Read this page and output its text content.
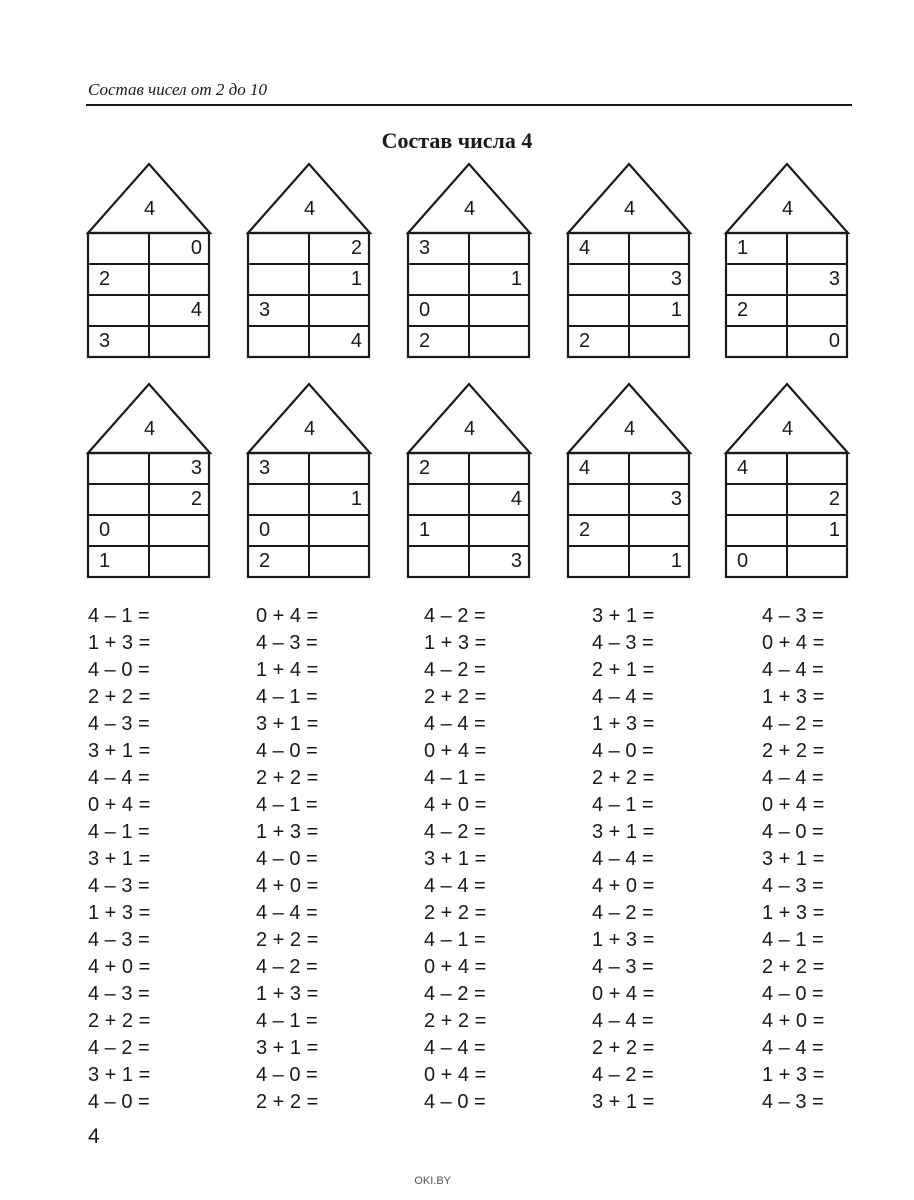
Состав чисел от 2 до 10
Состав числа 4
4
0
2
4
3
4
2
1
3
4
4
3
1
0
2
4
4
3
1
2
4
1
3
2
0
4
3
2
0
1
4
3
1
0
2
4
2
4
1
3
4
4
3
2
1
4
4
2
1
0
4 – 1 =
1 + 3 =
4 – 0 =
2 + 2 =
4 – 3 =
3 + 1 =
4 – 4 =
0 + 4 =
4 – 1 =
3 + 1 =
4 – 3 =
1 + 3 =
4 – 3 =
4 + 0 =
4 – 3 =
2 + 2 =
4 – 2 =
3 + 1 =
4 – 0 =
0 + 4 =
4 – 3 =
1 + 4 =
4 – 1 =
3 + 1 =
4 – 0 =
2 + 2 =
4 – 1 =
1 + 3 =
4 – 0 =
4 + 0 =
4 – 4 =
2 + 2 =
4 – 2 =
1 + 3 =
4 – 1 =
3 + 1 =
4 – 0 =
2 + 2 =
4 – 2 =
1 + 3 =
4 – 2 =
2 + 2 =
4 – 4 =
0 + 4 =
4 – 1 =
4 + 0 =
4 – 2 =
3 + 1 =
4 – 4 =
2 + 2 =
4 – 1 =
0 + 4 =
4 – 2 =
2 + 2 =
4 – 4 =
0 + 4 =
4 – 0 =
3 + 1 =
4 – 3 =
2 + 1 =
4 – 4 =
1 + 3 =
4 – 0 =
2 + 2 =
4 – 1 =
3 + 1 =
4 – 4 =
4 + 0 =
4 – 2 =
1 + 3 =
4 – 3 =
0 + 4 =
4 – 4 =
2 + 2 =
4 – 2 =
3 + 1 =
4 – 3 =
0 + 4 =
4 – 4 =
1 + 3 =
4 – 2 =
2 + 2 =
4 – 4 =
0 + 4 =
4 – 0 =
3 + 1 =
4 – 3 =
1 + 3 =
4 – 1 =
2 + 2 =
4 – 0 =
4 + 0 =
4 – 4 =
1 + 3 =
4 – 3 =
4
OKI.BY
